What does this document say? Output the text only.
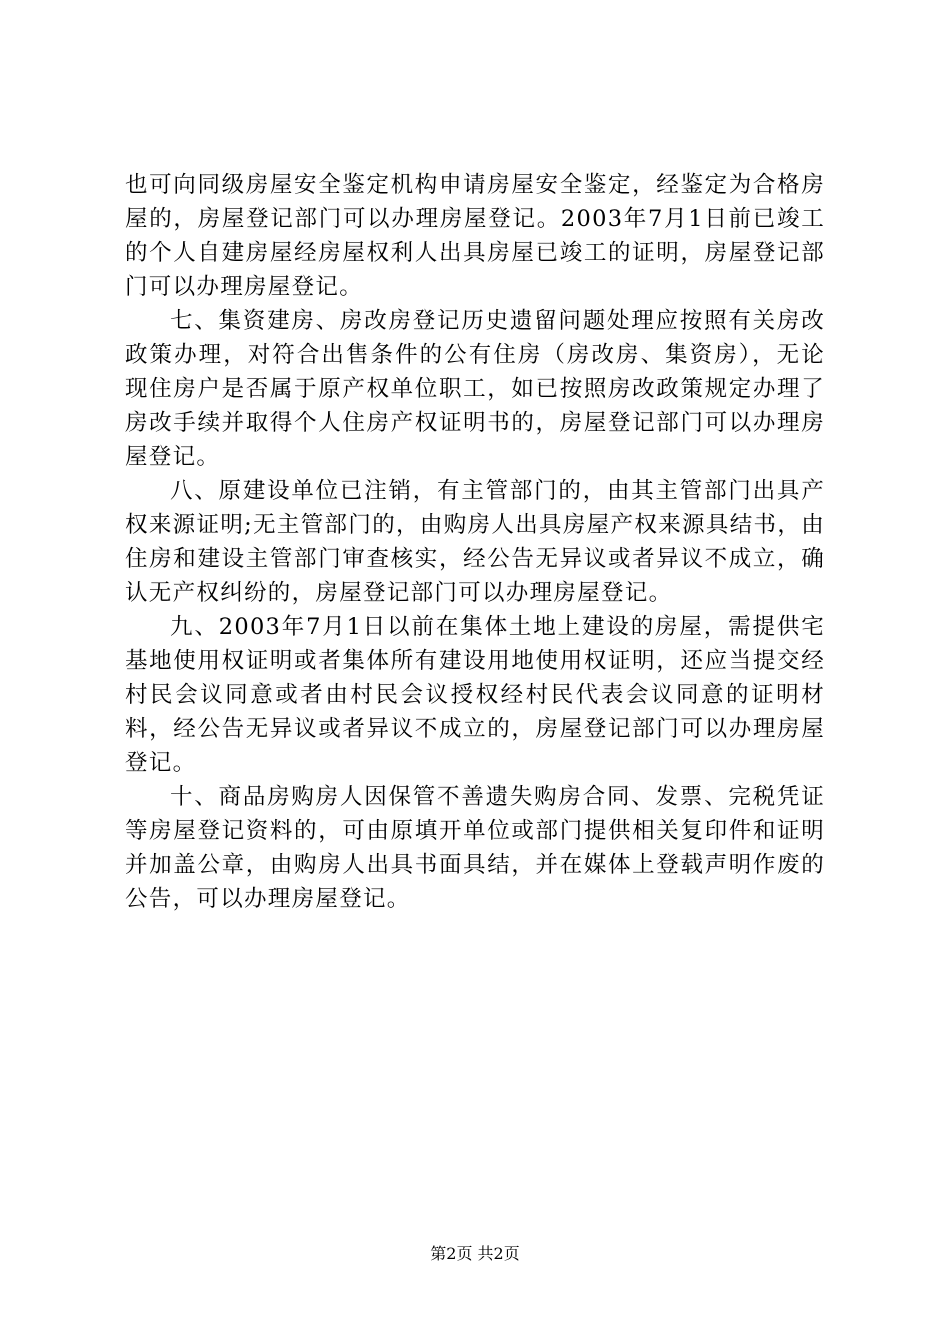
也可向同级房屋安全鉴定机构申请房屋安全鉴定，经鉴定为合格房屋的，房屋登记部门可以办理房屋登记。2003年7月1日前已竣工的个人自建房屋经房屋权利人出具房屋已竣工的证明，房屋登记部门可以办理房屋登记。

七、集资建房、房改房登记历史遗留问题处理应按照有关房改政策办理，对符合出售条件的公有住房（房改房、集资房），无论现住房户是否属于原产权单位职工，如已按照房改政策规定办理了房改手续并取得个人住房产权证明书的，房屋登记部门可以办理房屋登记。

八、原建设单位已注销，有主管部门的，由其主管部门出具产权来源证明;无主管部门的，由购房人出具房屋产权来源具结书，由住房和建设主管部门审查核实，经公告无异议或者异议不成立，确认无产权纠纷的，房屋登记部门可以办理房屋登记。

九、2003年7月1日以前在集体土地上建设的房屋，需提供宅基地使用权证明或者集体所有建设用地使用权证明，还应当提交经村民会议同意或者由村民会议授权经村民代表会议同意的证明材料，经公告无异议或者异议不成立的，房屋登记部门可以办理房屋登记。

十、商品房购房人因保管不善遗失购房合同、发票、完税凭证等房屋登记资料的，可由原填开单位或部门提供相关复印件和证明并加盖公章，由购房人出具书面具结，并在媒体上登载声明作废的公告，可以办理房屋登记。

第2页 共2页
